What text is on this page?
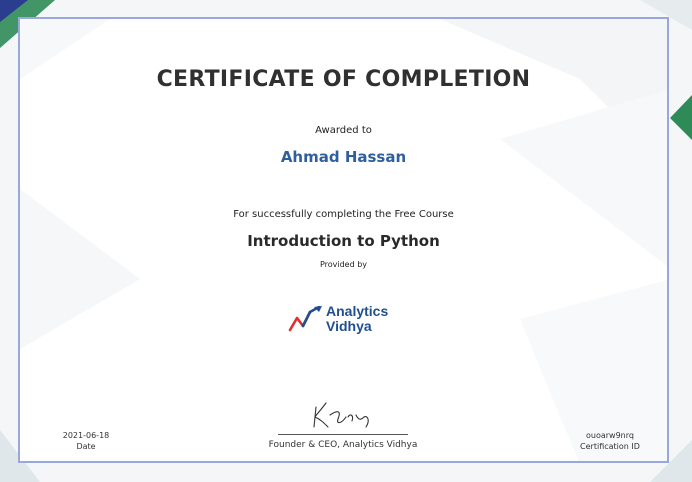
CERTIFICATE OF COMPLETION
Awarded to
Ahmad Hassan
For successfully completing the Free Course
Introduction to Python
Provided by
Analytics
Vidhya
Founder & CEO, Analytics Vidhya
2021-06-18
Date
ouoarw9nrq
Certification ID
